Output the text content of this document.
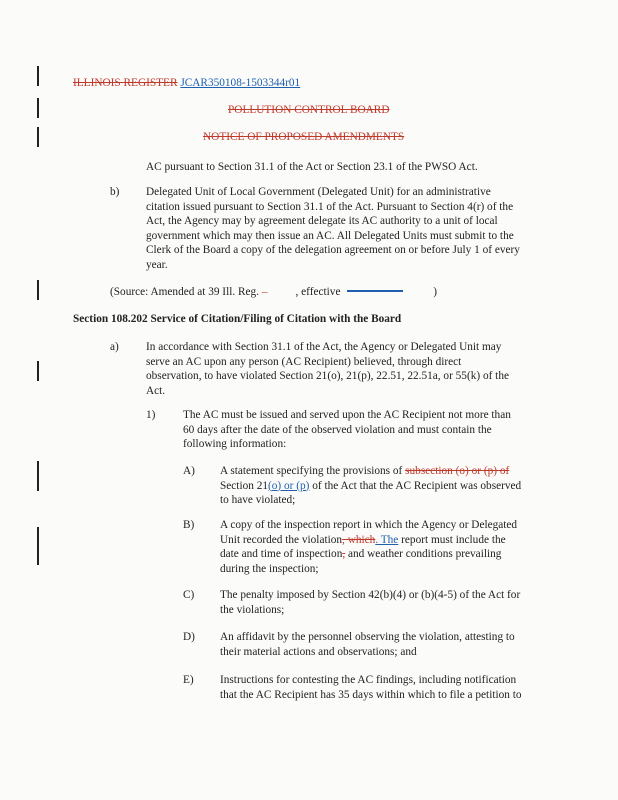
ILLINOIS REGISTER JCAR350108-1503344r01
POLLUTION CONTROL BOARD
NOTICE OF PROPOSED AMENDMENTS
AC pursuant to Section 31.1 of the Act or Section 23.1 of the PWSO Act.
b) Delegated Unit of Local Government (Delegated Unit) for an administrative
citation issued pursuant to Section 31.1 of the Act. Pursuant to Section 4(r) of the
Act, the Agency may by agreement delegate its AC authority to a unit of local
government which may then issue an AC. All Delegated Units must submit to the
Clerk of the Board a copy of the delegation agreement on or before July 1 of every
year.
(Source: Amended at 39 Ill. Reg. – , effective	)
Section 108.202 Service of Citation/Filing of Citation with the Board
a) In accordance with Section 31.1 of the Act, the Agency or Delegated Unit may
serve an AC upon any person (AC Recipient) believed, through direct
observation, to have violated Section 21(o), 21(p), 22.51, 22.51a, or 55(k) of the
Act.
1) The AC must be issued and served upon the AC Recipient not more than
60 days after the date of the observed violation and must contain the
following information:
A) A statement specifying the provisions of subsection (o) or (p) of
Section 21(o) or (p) of the Act that the AC Recipient was observed
to have violated;
B) A copy of the inspection report in which the Agency or Delegated
Unit recorded the violation, which. The report must include the
date and time of inspection, and weather conditions prevailing
during the inspection;
C) The penalty imposed by Section 42(b)(4) or (b)(4-5) of the Act for
the violations;
D) An affidavit by the personnel observing the violation, attesting to
their material actions and observations; and
E) Instructions for contesting the AC findings, including notification
that the AC Recipient has 35 days within which to file a petition to
